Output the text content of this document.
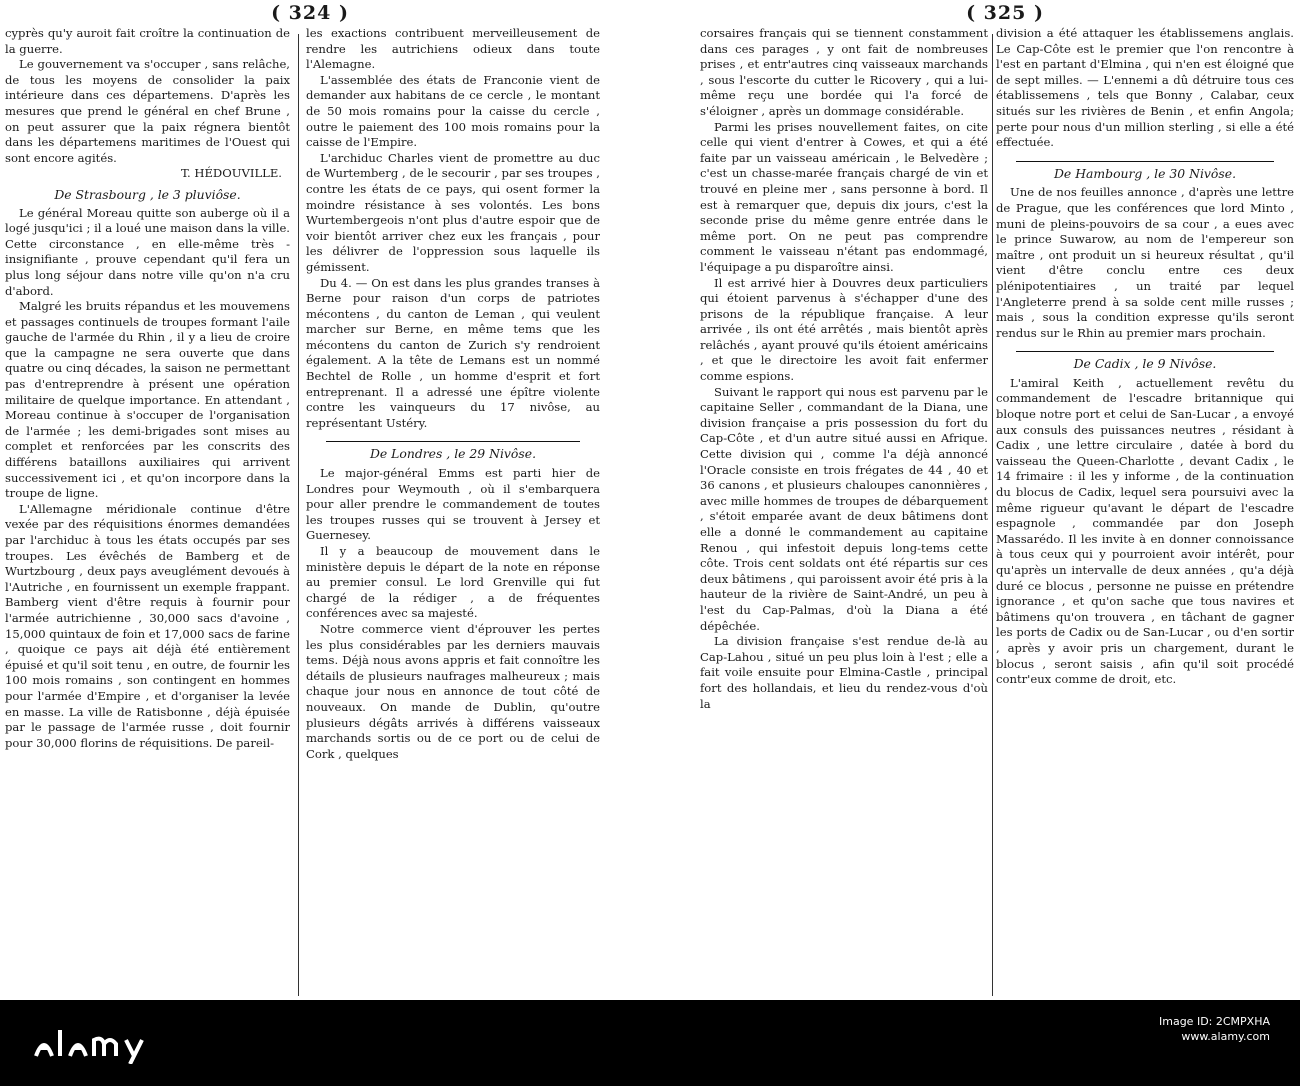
( 324 )

cyprès qu'y auroit fait croître la continuation de la guerre.

Le gouvernement va s'occuper , sans relâche, de tous les moyens de consolider la paix intérieure dans ces départemens. D'après les mesures que prend le général en chef Brune , on peut assurer que la paix régnera bientôt dans les départemens maritimes de l'Ouest qui sont encore agités.

T. HÉDOUVILLE.

De Strasbourg , le 3 pluviôse.

Le général Moreau quitte son auberge où il a logé jusqu'ici ; il a loué une maison dans la ville. Cette circonstance , en elle-même très - insignifiante , prouve cependant qu'il fera un plus long séjour dans notre ville qu'on n'a cru d'abord.

Malgré les bruits répandus et les mouvemens et passages continuels de troupes formant l'aile gauche de l'armée du Rhin , il y a lieu de croire que la campagne ne sera ouverte que dans quatre ou cinq décades, la saison ne permettant pas d'entreprendre à présent une opération militaire de quelque importance. En attendant , Moreau continue à s'occuper de l'organisation de l'armée ; les demi-brigades sont mises au complet et renforcées par les conscrits des différens bataillons auxiliaires qui arrivent successivement ici , et qu'on incorpore dans la troupe de ligne.

L'Allemagne méridionale continue d'être vexée par des réquisitions énormes demandées par l'archiduc à tous les états occupés par ses troupes. Les évêchés de Bamberg et de Wurtzbourg , deux pays aveuglément devoués à l'Autriche , en fournissent un exemple frappant. Bamberg vient d'être requis à fournir pour l'armée autrichienne , 30,000 sacs d'avoine , 15,000 quintaux de foin et 17,000 sacs de farine , quoique ce pays ait déjà été entièrement épuisé et qu'il soit tenu , en outre, de fournir les 100 mois romains , son contingent en hommes pour l'armée d'Empire , et d'organiser la levée en masse. La ville de Ratisbonne , déjà épuisée par le passage de l'armée russe , doit fournir pour 30,000 florins de réquisitions. De pareil-

les exactions contribuent merveilleusement de rendre les autrichiens odieux dans toute l'Alemagne.

L'assemblée des états de Franconie vient de demander aux habitans de ce cercle , le montant de 50 mois romains pour la caisse du cercle , outre le paiement des 100 mois romains pour la caisse de l'Empire.

L'archiduc Charles vient de promettre au duc de Wurtemberg , de le secourir , par ses troupes , contre les états de ce pays, qui osent former la moindre résistance à ses volontés. Les bons Wurtembergeois n'ont plus d'autre espoir que de voir bientôt arriver chez eux les français , pour les délivrer de l'oppression sous laquelle ils gémissent.

Du 4. — On est dans les plus grandes transes à Berne pour raison d'un corps de patriotes mécontens , du canton de Leman , qui veulent marcher sur Berne, en même tems que les mécontens du canton de Zurich s'y rendroient également. A la tête de Lemans est un nommé Bechtel de Rolle , un homme d'esprit et fort entreprenant. Il a adressé une épître violente contre les vainqueurs du 17 nivôse, au représentant Ustéry.

De Londres , le 29 Nivôse.

Le major-général Emms est parti hier de Londres pour Weymouth , où il s'embarquera pour aller prendre le commandement de toutes les troupes russes qui se trouvent à Jersey et Guernesey.

Il y a beaucoup de mouvement dans le ministère depuis le départ de la note en réponse au premier consul. Le lord Grenville qui fut chargé de la rédiger , a de fréquentes conférences avec sa majesté.

Notre commerce vient d'éprouver les pertes les plus considérables par les derniers mauvais tems. Déjà nous avons appris et fait connoître les détails de plusieurs naufrages malheureux ; mais chaque jour nous en annonce de tout côté de nouveaux. On mande de Dublin, qu'outre plusieurs dégâts arrivés à différens vaisseaux marchands sortis ou de ce port ou de celui de Cork , quelques

( 325 )

corsaires français qui se tiennent constamment dans ces parages , y ont fait de nombreuses prises , et entr'autres cinq vaisseaux marchands , sous l'escorte du cutter le Ricovery , qui a lui-même reçu une bordée qui l'a forcé de s'éloigner , après un dommage considérable.

Parmi les prises nouvellement faites, on cite celle qui vient d'entrer à Cowes, et qui a été faite par un vaisseau américain , le Belvedère ; c'est un chasse-marée français chargé de vin et trouvé en pleine mer , sans personne à bord. Il est à remarquer que, depuis dix jours, c'est la seconde prise du même genre entrée dans le même port. On ne peut pas comprendre comment le vaisseau n'étant pas endommagé, l'équipage a pu disparoître ainsi.

Il est arrivé hier à Douvres deux particuliers qui étoient parvenus à s'échapper d'une des prisons de la république française. A leur arrivée , ils ont été arrêtés , mais bientôt après relâchés , ayant prouvé qu'ils étoient américains , et que le directoire les avoit fait enfermer comme espions.

Suivant le rapport qui nous est parvenu par le capitaine Seller , commandant de la Diana, une division française a pris possession du fort du Cap-Côte , et d'un autre situé aussi en Afrique. Cette division qui , comme l'a déjà annoncé l'Oracle consiste en trois frégates de 44 , 40 et 36 canons , et plusieurs chaloupes canonnières , avec mille hommes de troupes de débarquement , s'étoit emparée avant de deux bâtimens dont elle a donné le commandement au capitaine Renou , qui infestoit depuis long-tems cette côte. Trois cent soldats ont été répartis sur ces deux bâtimens , qui paroissent avoir été pris à la hauteur de la rivière de Saint-André, un peu à l'est du Cap-Palmas, d'où la Diana a été dépêchée.

La division française s'est rendue de-là au Cap-Lahou , situé un peu plus loin à l'est ; elle a fait voile ensuite pour Elmina-Castle , principal fort des hollandais, et lieu du rendez-vous d'où la

division a été attaquer les établissemens anglais. Le Cap-Côte est le premier que l'on rencontre à l'est en partant d'Elmina , qui n'en est éloigné que de sept milles. — L'ennemi a dû détruire tous ces établissemens , tels que Bonny , Calabar, ceux situés sur les rivières de Benin , et enfin Angola; perte pour nous d'un million sterling , si elle a été effectuée.

De Hambourg , le 30 Nivôse.

Une de nos feuilles annonce , d'après une lettre de Prague, que les conférences que lord Minto , muni de pleins-pouvoirs de sa cour , a eues avec le prince Suwarow, au nom de l'empereur son maître , ont produit un si heureux résultat , qu'il vient d'être conclu entre ces deux plénipotentiaires , un traité par lequel l'Angleterre prend à sa solde cent mille russes ; mais , sous la condition expresse qu'ils seront rendus sur le Rhin au premier mars prochain.

De Cadix , le 9 Nivôse.

L'amiral Keith , actuellement revêtu du commandement de l'escadre britannique qui bloque notre port et celui de San-Lucar , a envoyé aux consuls des puissances neutres , résidant à Cadix , une lettre circulaire , datée à bord du vaisseau the Queen-Charlotte , devant Cadix , le 14 frimaire : il les y informe , de la continuation du blocus de Cadix, lequel sera poursuivi avec la même rigueur qu'avant le départ de l'escadre espagnole , commandée par don Joseph Massarédo. Il les invite à en donner connoissance à tous ceux qui y pourroient avoir intérêt, pour qu'après un intervalle de deux années , qu'a déjà duré ce blocus , personne ne puisse en prétendre ignorance , et qu'on sache que tous navires et bâtimens qu'on trouvera , en tâchant de gagner les ports de Cadix ou de San-Lucar , ou d'en sortir , après y avoir pris un chargement, durant le blocus , seront saisis , afin qu'il soit procédé contr'eux comme de droit, etc.

Image ID: 2CMPXHA
www.alamy.com
